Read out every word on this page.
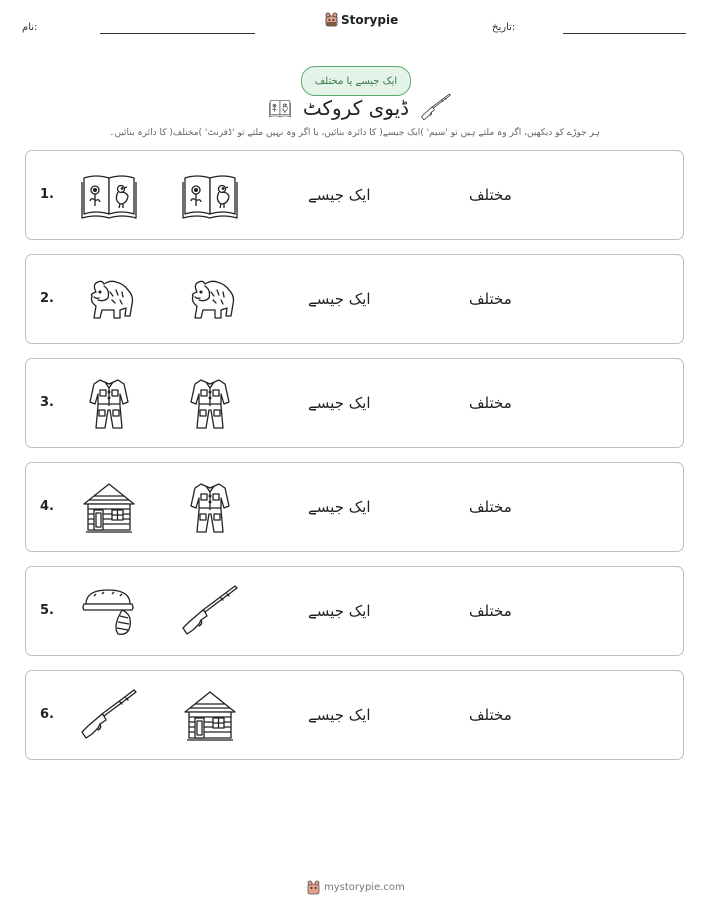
نام:
Storypie
تاریخ:
ایک جیسے یا مختلف
ڈیوی کروکٹ
ہر جوڑے کو دیکھیں، اگر وہ ملتے ہیں تو 'سیم' )ایک جیسے( کا دائرہ بنائیں، یا اگر وہ نہیں ملتے تو 'ڈفرنٹ' )مختلف( کا دائرہ بنائیں۔
1.	ایک جیسے	مختلف
2.	ایک جیسے	مختلف
3.	ایک جیسے	مختلف
4.	ایک جیسے	مختلف
5.	ایک جیسے	مختلف
6.	ایک جیسے	مختلف
mystorypie.com
